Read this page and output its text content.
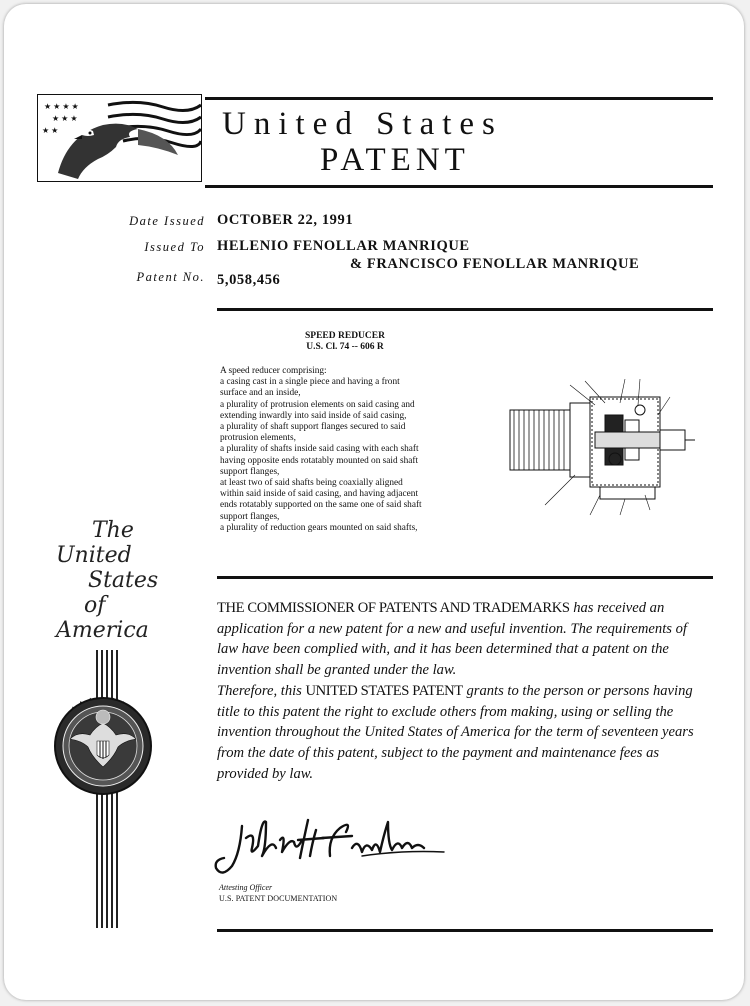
★ ★ ★ ★
★ ★ ★
★ ★	United States
PATENT
Date Issued OCTOBER 22, 1991
Issued To HELENIO FENOLLAR MANRIQUE
& FRANCISCO FENOLLAR MANRIQUE
Patent No. 5,058,456
SPEED REDUCER
U.S. Cl. 74 -- 606 R
A speed reducer comprising:
a casing cast in a single piece and having a front
surface and an inside,
a plurality of protrusion elements on said casing and
extending inwardly into said inside of said casing,
a plurality of shaft support flanges secured to said
protrusion elements,
a plurality of shafts inside said casing with each shaft
having opposite ends rotatably mounted on said shaft
support flanges,
at least two of said shafts being coaxially aligned
within said inside of said casing, and having adjacent
ends rotatably supported on the same one of said shaft
support flanges,
a plurality of reduction gears mounted on said shafts,
The
United
States
of
America
THE COMMISSIONER OF PATENTS AND TRADEMARKS has received an
application for a new patent for a new and useful invention. The requirements of
law have been complied with, and it has been determined that a patent on the
invention shall be granted under the law.
Therefore, this UNITED STATES PATENT grants to the person or persons having
title to this patent the right to exclude others from making, using or selling the
invention throughout the United States of America for the term of seventeen years
from the date of this patent, subject to the payment and maintenance fees as
provided by law.
Attesting Officer
U.S. PATENT DOCUMENTATION
